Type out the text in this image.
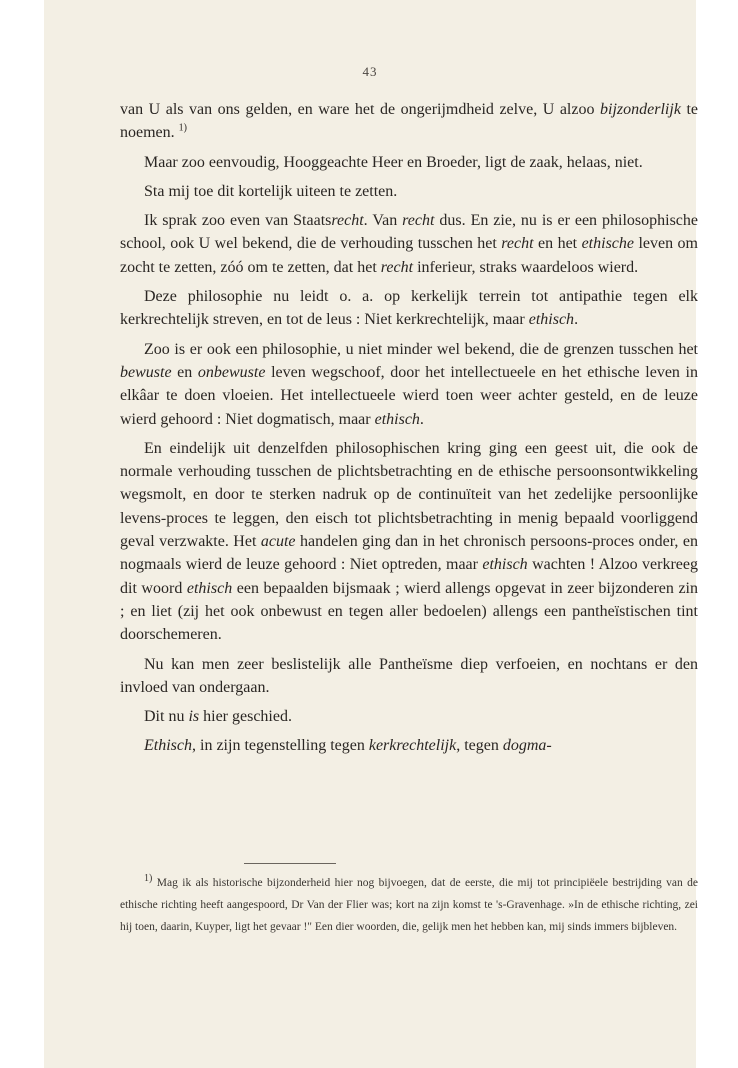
43

van U als van ons gelden, en ware het de ongerijmdheid zelve, U alzoo bijzonderlijk te noemen. $^{1)}$

Maar zoo eenvoudig, Hooggeachte Heer en Broeder, ligt de zaak, helaas, niet.

Sta mij toe dit kortelijk uiteen te zetten.

Ik sprak zoo even van Staatsrecht. Van recht dus. En zie, nu is er een philosophische school, ook U wel bekend, die de verhouding tusschen het recht en het ethische leven om zocht te zetten, zóó om te zetten, dat het recht inferieur, straks waardeloos wierd.

Deze philosophie nu leidt o. a. op kerkelijk terrein tot antipathie tegen elk kerkrechtelijk streven, en tot de leus : Niet kerkrechtelijk, maar ethisch.

Zoo is er ook een philosophie, u niet minder wel bekend, die de grenzen tusschen het bewuste en onbewuste leven wegschoof, door het intellectueele en het ethische leven in elkâar te doen vloeien. Het intellectueele wierd toen weer achter gesteld, en de leuze wierd gehoord : Niet dogmatisch, maar ethisch.

En eindelijk uit denzelfden philosophischen kring ging een geest uit, die ook de normale verhouding tusschen de plichtsbetrachting en de ethische persoonsontwikkeling wegsmolt, en door te sterken nadruk op de continuïteit van het zedelijke persoonlijke levens-proces te leggen, den eisch tot plichtsbetrachting in menig bepaald voorliggend geval verzwakte. Het acute handelen ging dan in het chronisch persoons-proces onder, en nogmaals wierd de leuze gehoord : Niet optreden, maar ethisch wachten ! Alzoo verkreeg dit woord ethisch een bepaalden bijsmaak ; wierd allengs opgevat in zeer bijzonderen zin ; en liet (zij het ook onbewust en tegen aller bedoelen) allengs een pantheïstischen tint doorschemeren.

Nu kan men zeer beslistelijk alle Pantheïsme diep verfoeien, en nochtans er den invloed van ondergaan.

Dit nu is hier geschied.

Ethisch, in zijn tegenstelling tegen kerkrechtelijk, tegen dogma-

$^{1)}$ Mag ik als historische bijzonderheid hier nog bijvoegen, dat de eerste, die mij tot principiëele bestrijding van de ethische richting heeft aangespoord, Dr Van der Flier was; kort na zijn komst te 's-Gravenhage. »In de ethische richting, zei hij toen, daarin, Kuyper, ligt het gevaar !" Een dier woorden, die, gelijk men het hebben kan, mij sinds immers bijbleven.
